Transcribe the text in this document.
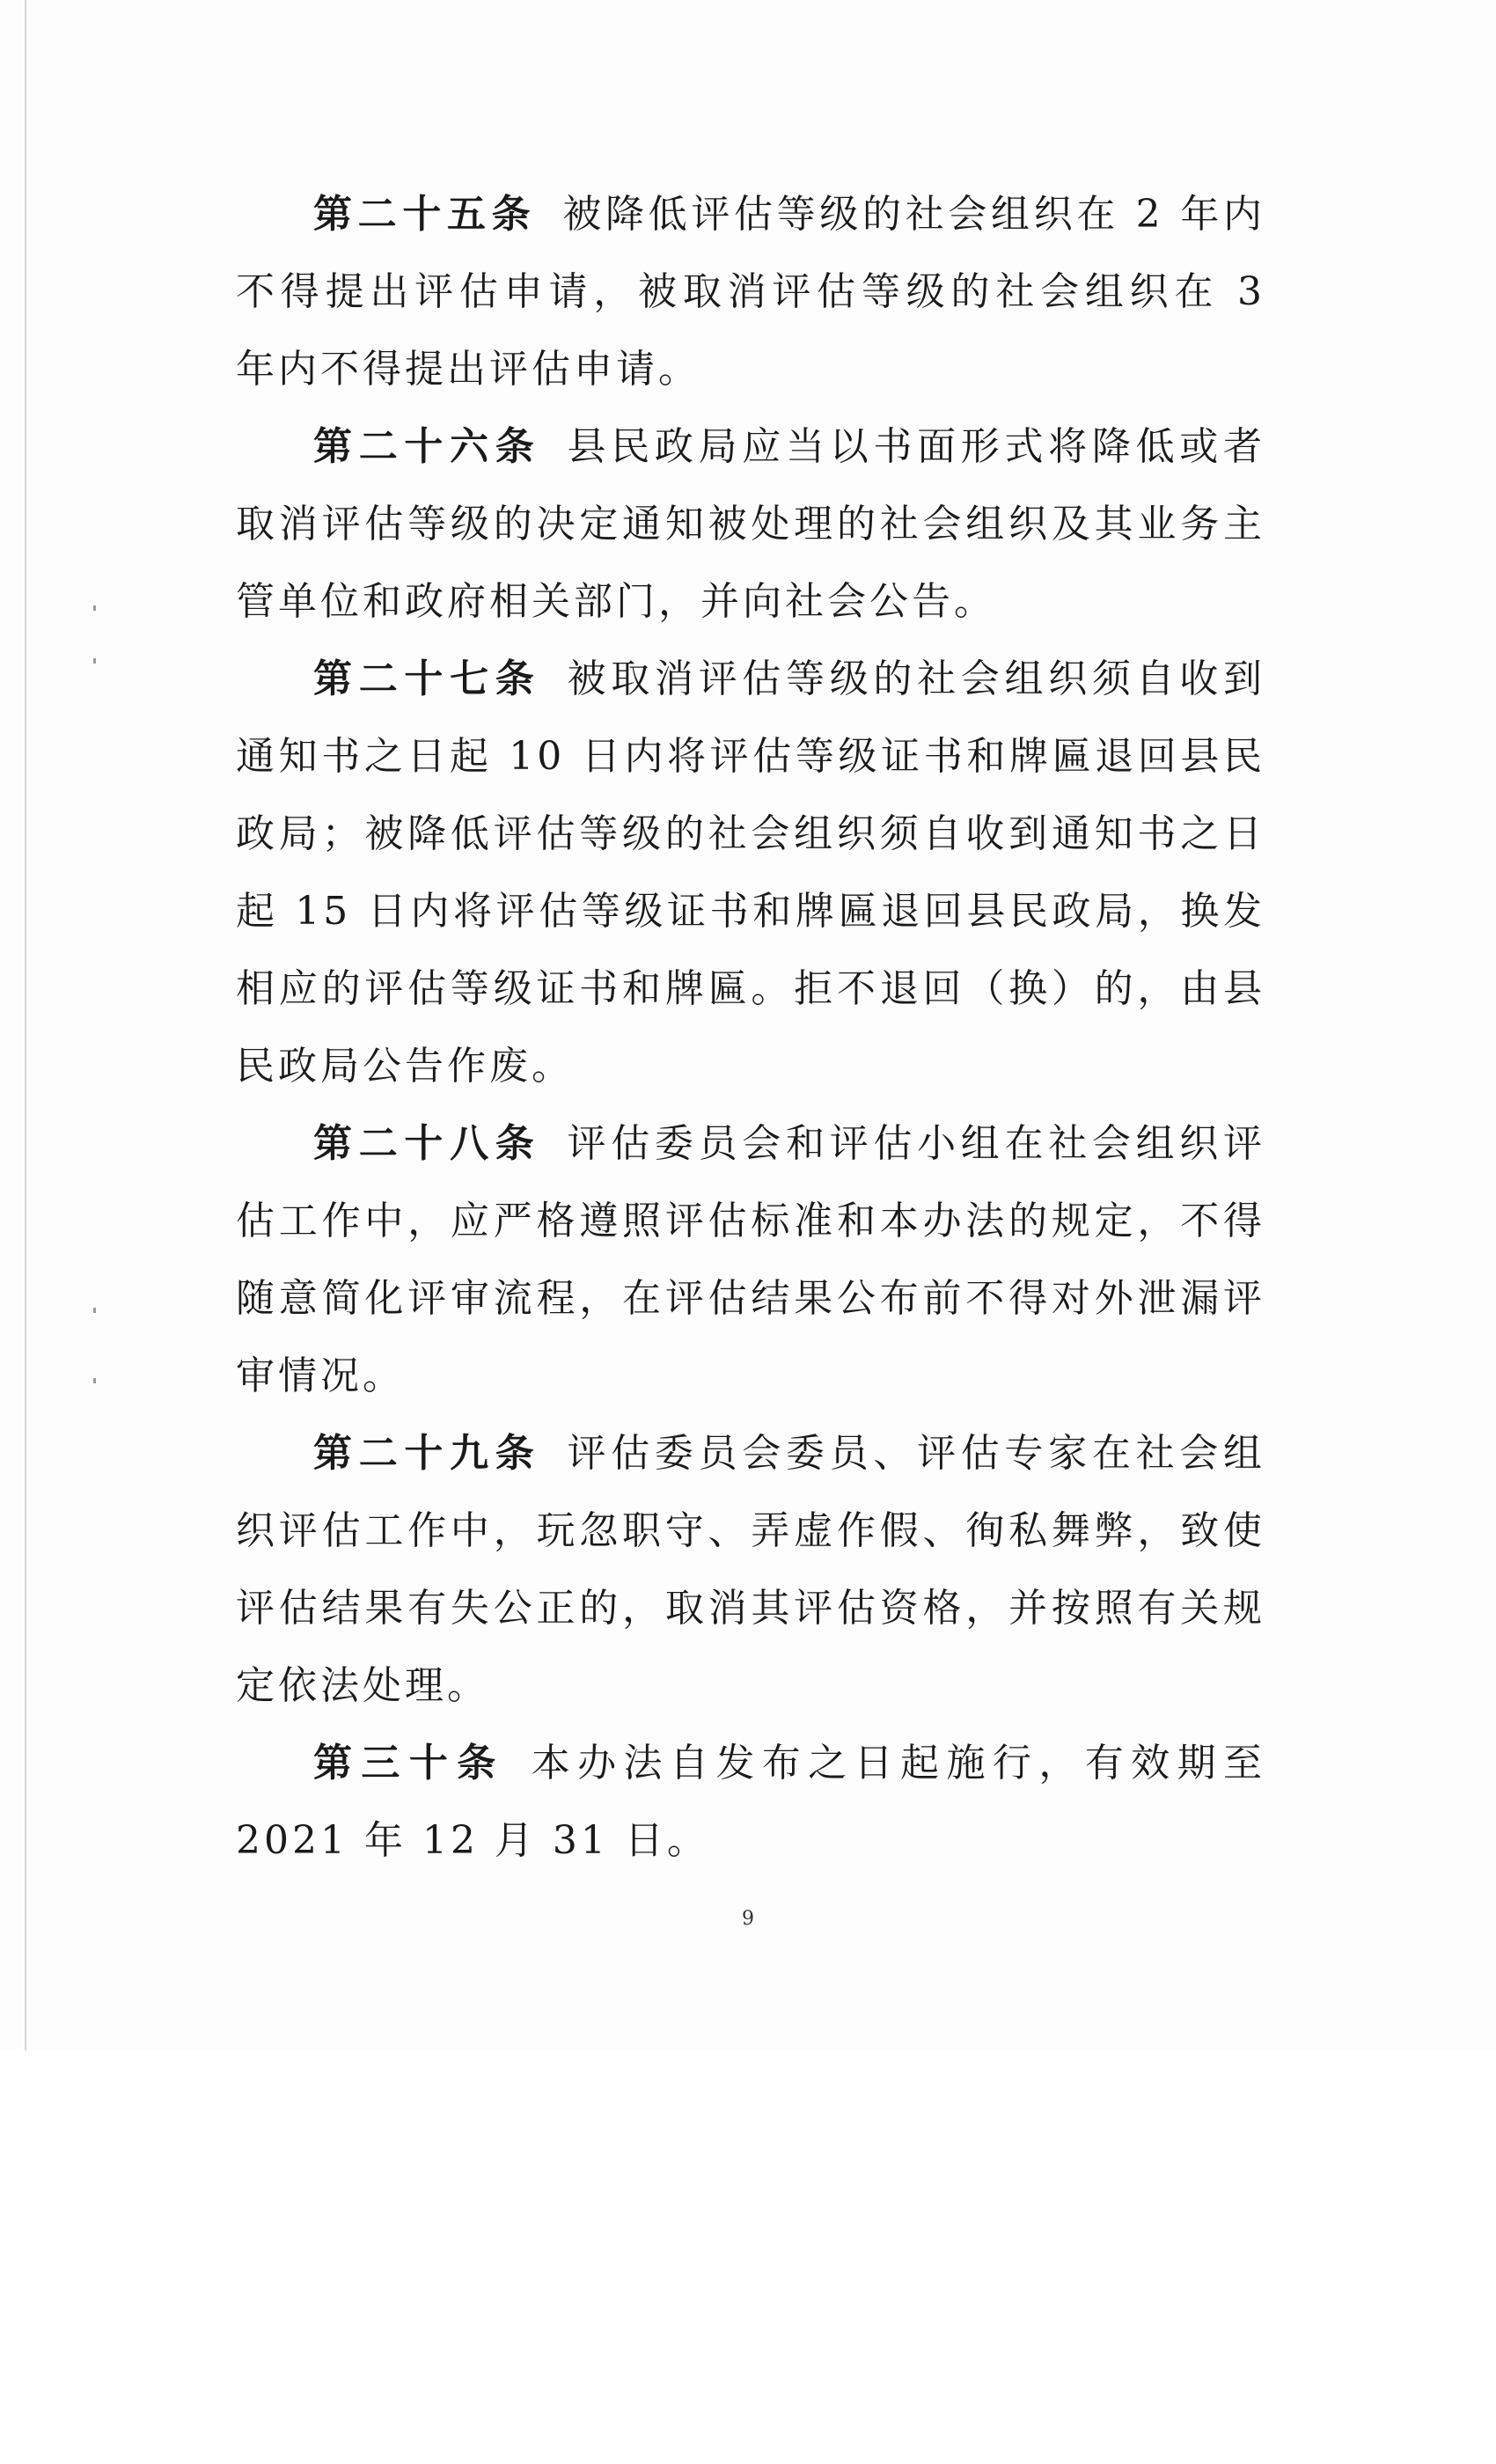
第二十五条 被降低评估等级的社会组织在 2 年内不得提出评估申请，被取消评估等级的社会组织在 3 年内不得提出评估申请。

第二十六条 县民政局应当以书面形式将降低或者取消评估等级的决定通知被处理的社会组织及其业务主管单位和政府相关部门，并向社会公告。

第二十七条 被取消评估等级的社会组织须自收到通知书之日起 10 日内将评估等级证书和牌匾退回县民政局；被降低评估等级的社会组织须自收到通知书之日起 15 日内将评估等级证书和牌匾退回县民政局，换发相应的评估等级证书和牌匾。拒不退回（换）的，由县民政局公告作废。

第二十八条 评估委员会和评估小组在社会组织评估工作中，应严格遵照评估标准和本办法的规定，不得随意简化评审流程，在评估结果公布前不得对外泄漏评审情况。

第二十九条 评估委员会委员、评估专家在社会组织评估工作中，玩忽职守、弄虚作假、徇私舞弊，致使评估结果有失公正的，取消其评估资格，并按照有关规定依法处理。

第三十条 本办法自发布之日起施行，有效期至 2021 年 12 月 31 日。

9
